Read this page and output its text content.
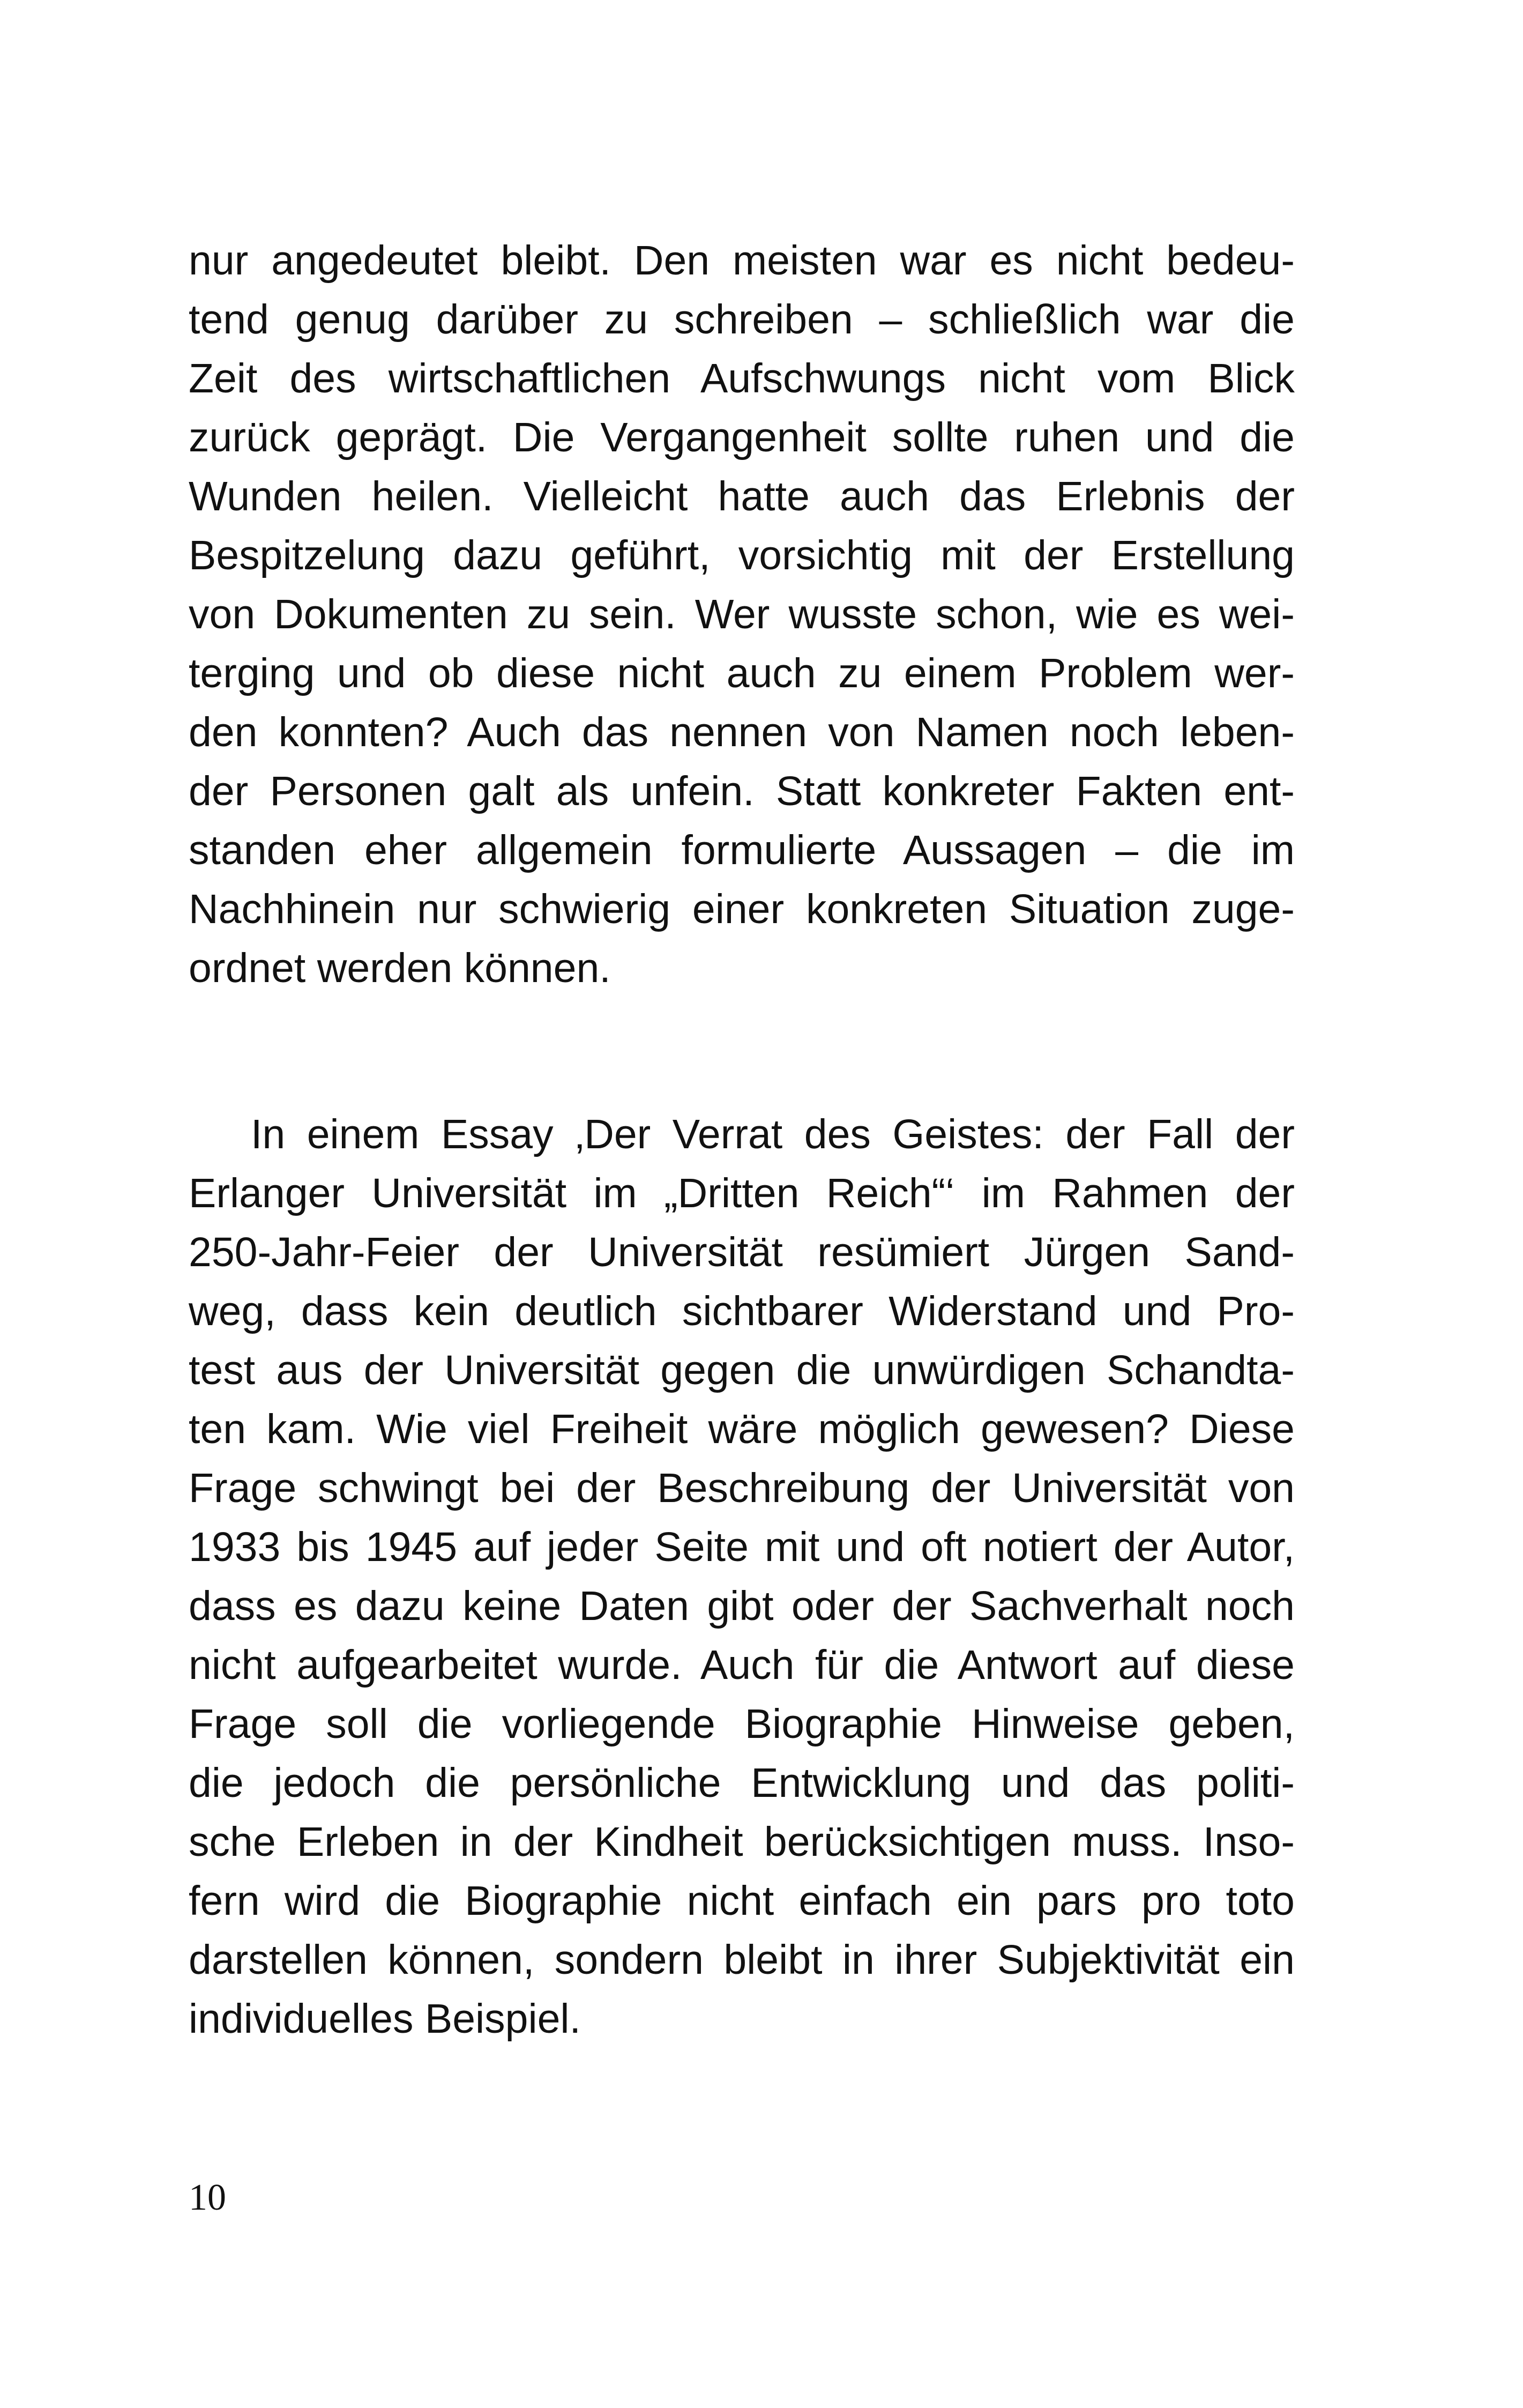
nur angedeutet bleibt. Den meisten war es nicht bedeu-
tend genug darüber zu schreiben – schließlich war die
Zeit des wirtschaftlichen Aufschwungs nicht vom Blick
zurück geprägt. Die Vergangenheit sollte ruhen und die
Wunden heilen. Vielleicht hatte auch das Erlebnis der
Bespitzelung dazu geführt, vorsichtig mit der Erstellung
von Dokumenten zu sein. Wer wusste schon, wie es wei-
terging und ob diese nicht auch zu einem Problem wer-
den konnten? Auch das nennen von Namen noch leben-
der Personen galt als unfein. Statt konkreter Fakten ent-
standen eher allgemein formulierte Aussagen – die im
Nachhinein nur schwierig einer konkreten Situation zuge-
ordnet werden können.
In einem Essay ‚Der Verrat des Geistes: der Fall der
Erlanger Universität im „Dritten Reich“‘ im Rahmen der
250-Jahr-Feier der Universität resümiert Jürgen Sand-
weg, dass kein deutlich sichtbarer Widerstand und Pro-
test aus der Universität gegen die unwürdigen Schandta-
ten kam. Wie viel Freiheit wäre möglich gewesen? Diese
Frage schwingt bei der Beschreibung der Universität von
1933 bis 1945 auf jeder Seite mit und oft notiert der Autor,
dass es dazu keine Daten gibt oder der Sachverhalt noch
nicht aufgearbeitet wurde. Auch für die Antwort auf diese
Frage soll die vorliegende Biographie Hinweise geben,
die jedoch die persönliche Entwicklung und das politi-
sche Erleben in der Kindheit berücksichtigen muss. Inso-
fern wird die Biographie nicht einfach ein pars pro toto
darstellen können, sondern bleibt in ihrer Subjektivität ein
individuelles Beispiel.
10
